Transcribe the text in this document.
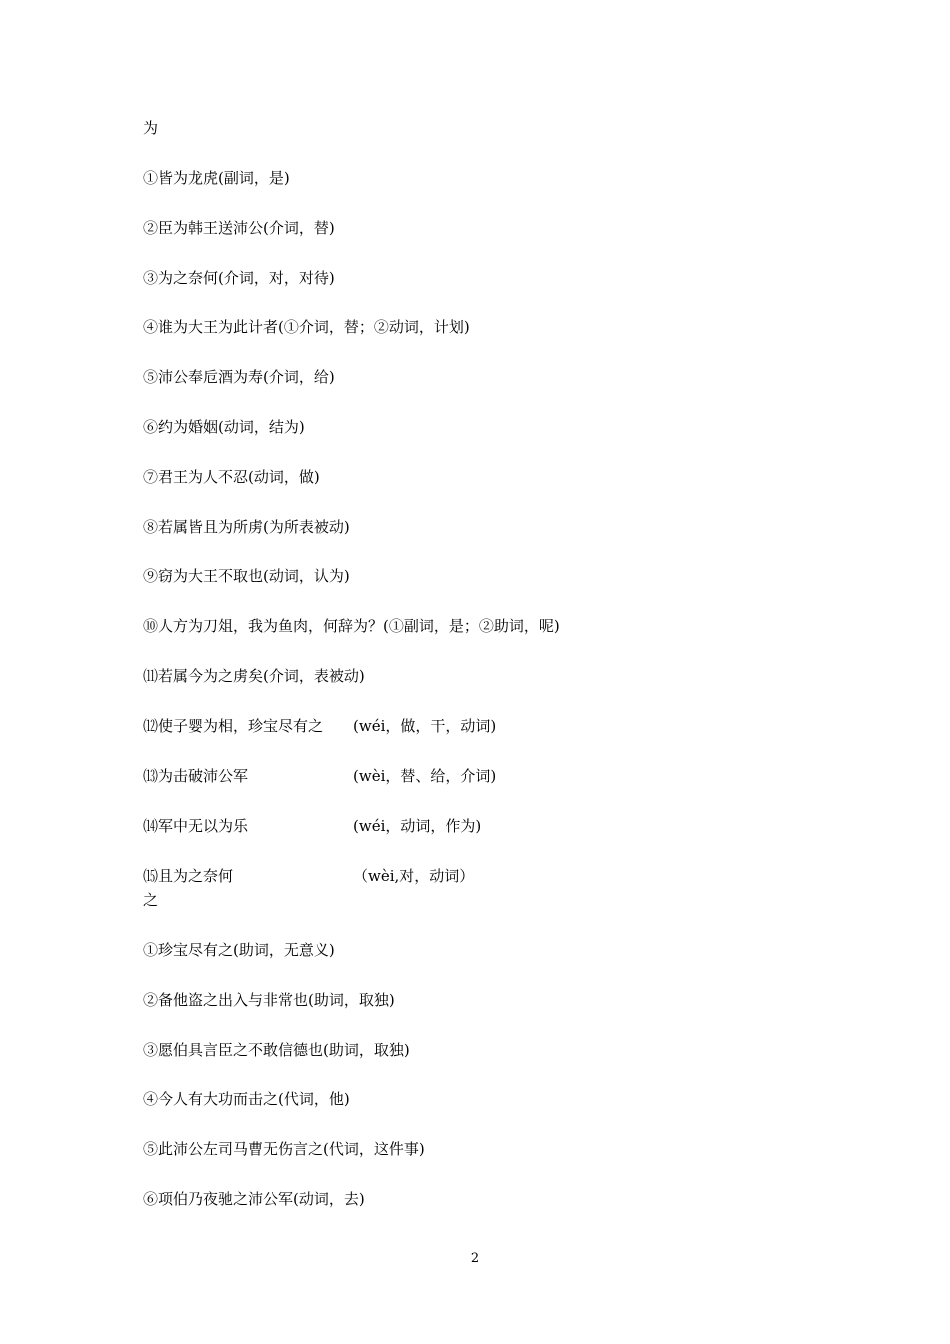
为
①皆为龙虎(副词，是)
②臣为韩王送沛公(介词，替)
③为之奈何(介词，对，对待)
④谁为大王为此计者(①介词，替；②动词，计划)
⑤沛公奉卮酒为寿(介词，给)
⑥约为婚姻(动词，结为)
⑦君王为人不忍(动词，做)
⑧若属皆且为所虏(为所表被动)
⑨窃为大王不取也(动词，认为)
⑩人方为刀俎，我为鱼肉，何辞为？(①副词，是；②助词，呢)
⑾若属今为之虏矣(介词，表被动)
⑿使子婴为相，珍宝尽有之 (wéi，做，干，动词)
⒀为击破沛公军	(wèi，替、给，介词)
⒁军中无以为乐	(wéi，动词，作为)
⒂且为之奈何	（wèi,对，动词）
之
①珍宝尽有之(助词，无意义)
②备他盗之出入与非常也(助词，取独)
③愿伯具言臣之不敢信德也(助词，取独)
④今人有大功而击之(代词，他)
⑤此沛公左司马曹无伤言之(代词，这件事)
⑥项伯乃夜驰之沛公军(动词，去)
2
